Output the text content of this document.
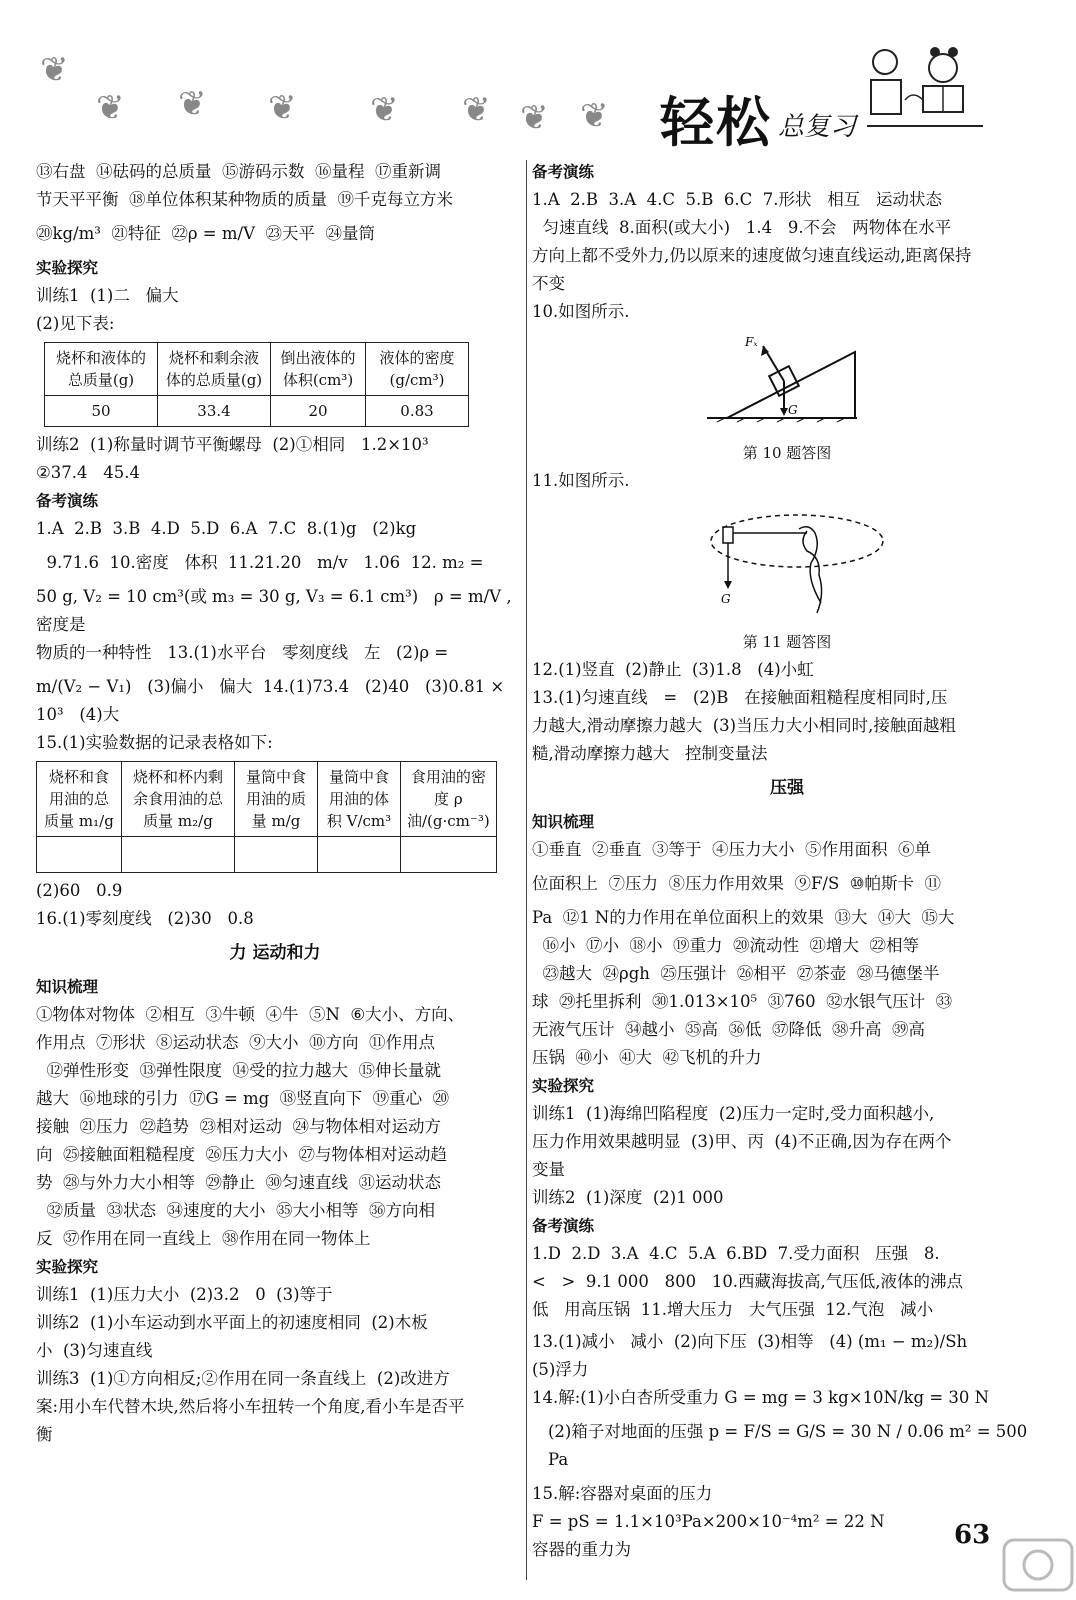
❦
❦ ❦ ❦ ❦ ❦ ❦ ❦ 轻松 总复习

⑬右盘  ⑭砝码的总质量  ⑮游码示数  ⑯量程  ⑰重新调

节天平平衡  ⑱单位体积某种物质的质量  ⑲千克每立方米

⑳kg/m³  ㉑特征  ㉒ρ = m/V  ㉓天平  ㉔量筒

实验探究

训练1  (1)二   偏大

(2)见下表:

烧杯和液体的总质量(g)	烧杯和剩余液体的总质量(g)	倒出液体的体积(cm³)	液体的密度(g/cm³)
50	33.4	20	0.83

训练2  (1)称量时调节平衡螺母  (2)①相同   1.2×10³

②37.4   45.4

备考演练

1.A  2.B  3.B  4.D  5.D  6.A  7.C  8.(1)g   (2)kg

9.71.6  10.密度   体积  11.21.20   m/v   1.06  12. m₂ =

50 g, V₂ = 10 cm³(或 m₃ = 30 g, V₃ = 6.1 cm³)   ρ = m/V ,密度是

物质的一种特性   13.(1)水平台   零刻度线   左   (2)ρ =

m/(V₂ − V₁)   (3)偏小   偏大  14.(1)73.4   (2)40   (3)0.81 ×

10³   (4)大

15.(1)实验数据的记录表格如下:

烧杯和食用油的总质量 m₁/g	烧杯和杯内剩余食用油的总质量 m₂/g	量筒中食用油的质量 m/g	量筒中食用油的体积 V/cm³	食用油的密度 ρ油/(g·cm⁻³)

(2)60   0.9

16.(1)零刻度线   (2)30   0.8

力 运动和力

知识梳理

①物体对物体  ②相互  ③牛顿  ④牛  ⑤N  ⑥大小、方向、

作用点  ⑦形状  ⑧运动状态  ⑨大小  ⑩方向  ⑪作用点

⑫弹性形变  ⑬弹性限度  ⑭受的拉力越大  ⑮伸长量就

越大  ⑯地球的引力  ⑰G = mg  ⑱竖直向下  ⑲重心  ⑳

接触  ㉑压力  ㉒趋势  ㉓相对运动  ㉔与物体相对运动方

向  ㉕接触面粗糙程度  ㉖压力大小  ㉗与物体相对运动趋

势  ㉘与外力大小相等  ㉙静止  ㉚匀速直线  ㉛运动状态

㉜质量  ㉝状态  ㉞速度的大小  ㉟大小相等  ㊱方向相

反  ㊲作用在同一直线上  ㊳作用在同一物体上

实验探究

训练1  (1)压力大小  (2)3.2   0  (3)等于

训练2  (1)小车运动到水平面上的初速度相同  (2)木板

小  (3)匀速直线

训练3  (1)①方向相反;②作用在同一条直线上  (2)改进方

案:用小车代替木块,然后将小车扭转一个角度,看小车是否平

衡

备考演练

1.A  2.B  3.A  4.C  5.B  6.C  7.形状   相互   运动状态

匀速直线  8.面积(或大小)   1.4   9.不会   两物体在水平

方向上都不受外力,仍以原来的速度做匀速直线运动,距离保持

不变

10.如图所示.

Fₓ
G

第 10 题答图

11.如图所示.

G

第 11 题答图

12.(1)竖直  (2)静止  (3)1.8   (4)小虹

13.(1)匀速直线   =   (2)B   在接触面粗糙程度相同时,压

力越大,滑动摩擦力越大  (3)当压力大小相同时,接触面越粗

糙,滑动摩擦力越大   控制变量法

压强

知识梳理

①垂直  ②垂直  ③等于  ④压力大小  ⑤作用面积  ⑥单

位面积上  ⑦压力  ⑧压力作用效果  ⑨F/S  ⑩帕斯卡  ⑪

Pa  ⑫1 N的力作用在单位面积上的效果  ⑬大  ⑭大  ⑮大

⑯小  ⑰小  ⑱小  ⑲重力  ⑳流动性  ㉑增大  ㉒相等

㉓越大  ㉔ρgh  ㉕压强计  ㉖相平  ㉗茶壶  ㉘马德堡半

球  ㉙托里拆利  ㉚1.013×10⁵  ㉛760  ㉜水银气压计  ㉝

无液气压计  ㉞越小  ㉟高  ㊱低  ㊲降低  ㊳升高  ㊴高

压锅  ㊵小  ㊶大  ㊷飞机的升力

实验探究

训练1  (1)海绵凹陷程度  (2)压力一定时,受力面积越小,

压力作用效果越明显  (3)甲、丙  (4)不正确,因为存在两个

变量

训练2  (1)深度  (2)1 000

备考演练

1.D  2.D  3.A  4.C  5.A  6.BD  7.受力面积   压强   8.

<   >  9.1 000   800   10.西藏海拔高,气压低,液体的沸点

低   用高压锅  11.增大压力   大气压强  12.气泡   减小

13.(1)减小   减小  (2)向下压  (3)相等   (4) (m₁ − m₂)/Sh

(5)浮力

14.解:(1)小白杏所受重力 G = mg = 3 kg×10N/kg = 30 N

(2)箱子对地面的压强 p = F/S = G/S = 30 N / 0.06 m² = 500 Pa

15.解:容器对桌面的压力

F = pS = 1.1×10³Pa×200×10⁻⁴m² = 22 N

容器的重力为	63
